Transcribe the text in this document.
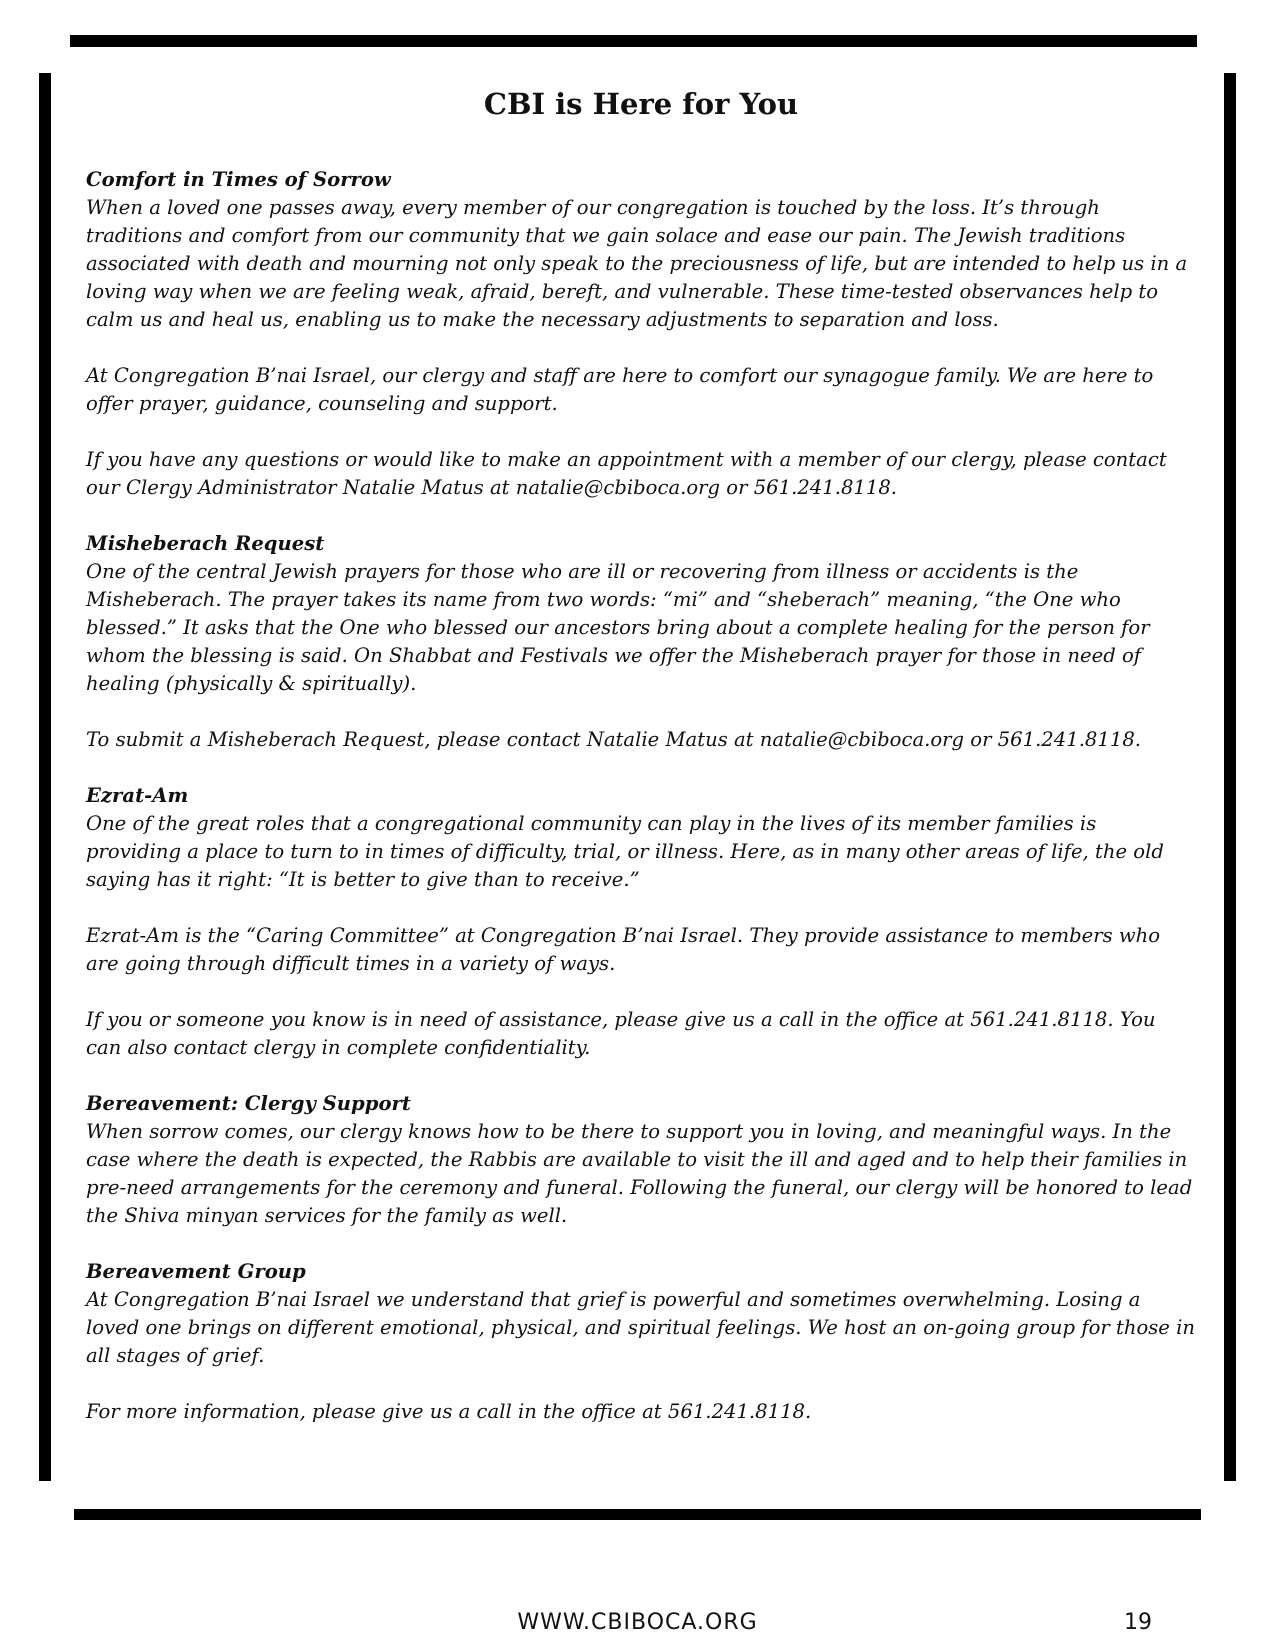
CBI is Here for You

Comfort in Times of Sorrow

When a loved one passes away, every member of our congregation is touched by the loss. It’s through traditions and comfort from our community that we gain solace and ease our pain. The Jewish traditions associated with death and mourning not only speak to the preciousness of life, but are intended to help us in a loving way when we are feeling weak, afraid, bereft, and vulnerable. These time-tested observances help to calm us and heal us, enabling us to make the necessary adjustments to separation and loss.

At Congregation B’nai Israel, our clergy and staff are here to comfort our synagogue family. We are here to offer prayer, guidance, counseling and support.

If you have any questions or would like to make an appointment with a member of our clergy, please contact our Clergy Administrator Natalie Matus at natalie@cbiboca.org or 561.241.8118.

Misheberach Request

One of the central Jewish prayers for those who are ill or recovering from illness or accidents is the Misheberach. The prayer takes its name from two words: “mi” and “sheberach” meaning, “the One who blessed.” It asks that the One who blessed our ancestors bring about a complete healing for the person for whom the blessing is said. On Shabbat and Festivals we offer the Misheberach prayer for those in need of healing (physically & spiritually).

To submit a Misheberach Request, please contact Natalie Matus at natalie@cbiboca.org or 561.241.8118.

Ezrat-Am

One of the great roles that a congregational community can play in the lives of its member families is providing a place to turn to in times of difficulty, trial, or illness. Here, as in many other areas of life, the old saying has it right: “It is better to give than to receive.”

Ezrat-Am is the “Caring Committee” at Congregation B’nai Israel. They provide assistance to members who are going through difficult times in a variety of ways.

If you or someone you know is in need of assistance, please give us a call in the office at 561.241.8118. You can also contact clergy in complete confidentiality.

Bereavement: Clergy Support

When sorrow comes, our clergy knows how to be there to support you in loving, and meaningful ways. In the case where the death is expected, the Rabbis are available to visit the ill and aged and to help their families in pre-need arrangements for the ceremony and funeral. Following the funeral, our clergy will be honored to lead the Shiva minyan services for the family as well.

Bereavement Group

At Congregation B’nai Israel we understand that grief is powerful and sometimes overwhelming. Losing a loved one brings on different emotional, physical, and spiritual feelings. We host an on-going group for those in all stages of grief.

For more information, please give us a call in the office at 561.241.8118.

WWW.CBIBOCA.ORG	19
